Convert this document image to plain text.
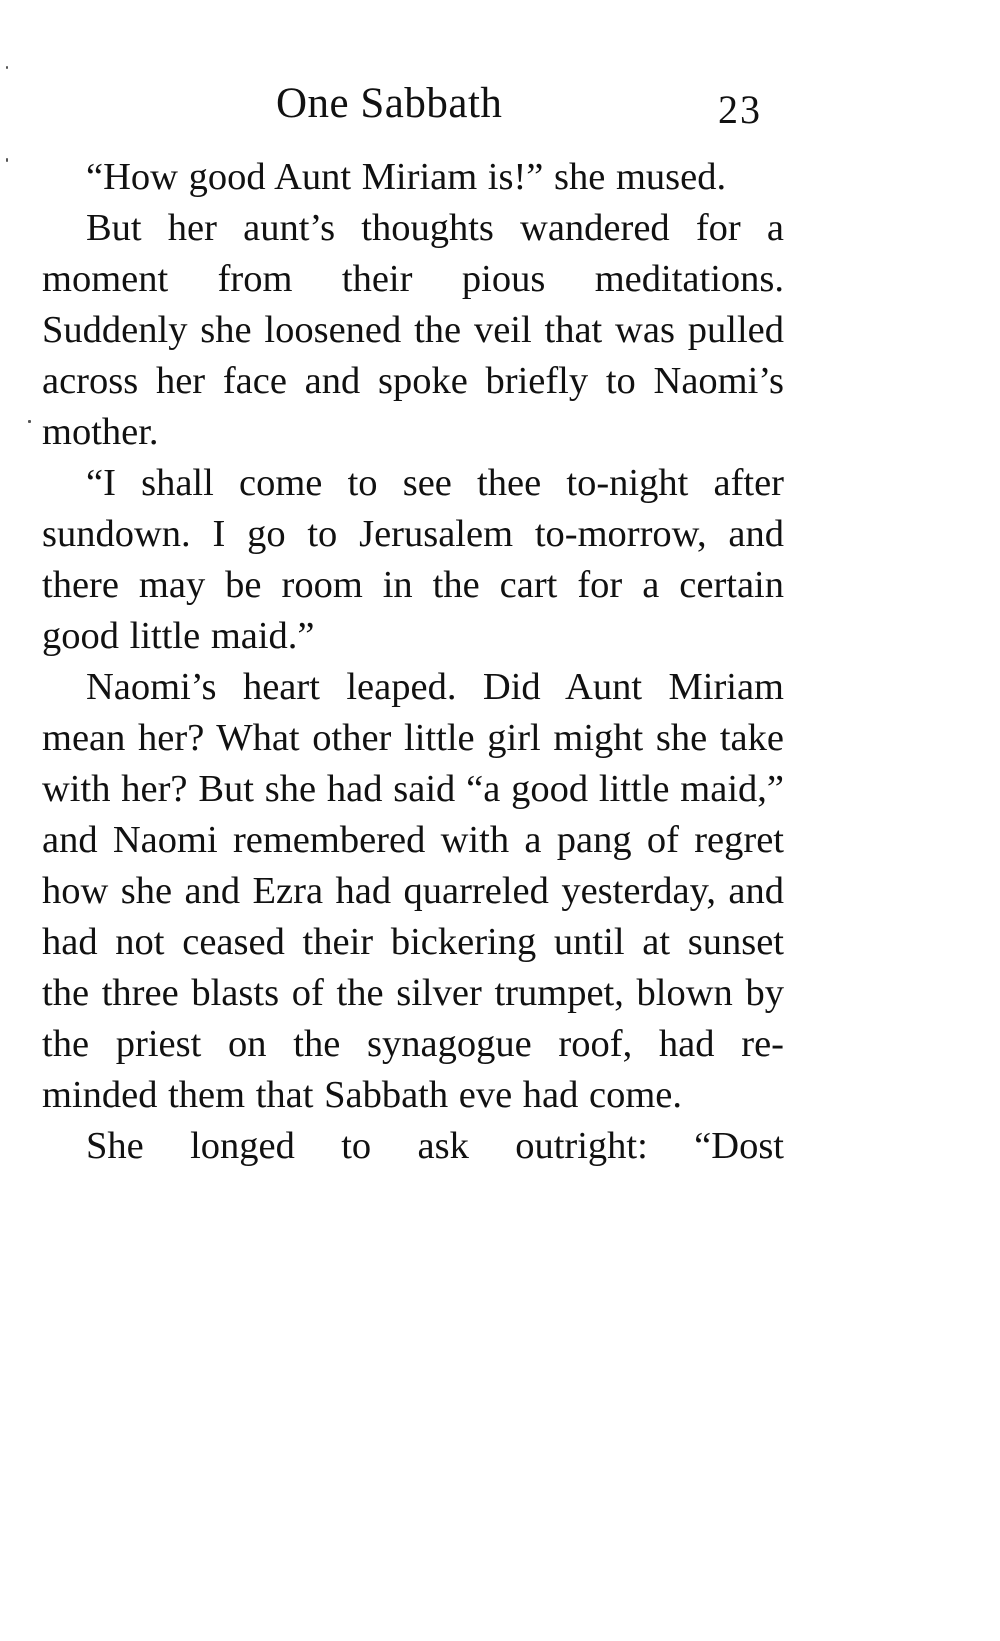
One Sabbath	23

“How good Aunt Miriam is!” she mused.

But her aunt’s thoughts wandered for a moment from their pious meditations. Suddenly she loosened the veil that was pulled across her face and spoke briefly to Naomi’s mother.

“I shall come to see thee to-night after sundown. I go to Jerusalem to-morrow, and there may be room in the cart for a certain good little maid.”

Naomi’s heart leaped. Did Aunt Miriam mean her? What other little girl might she take with her? But she had said “a good little maid,” and Naomi remembered with a pang of regret how she and Ezra had quarreled yesterday, and had not ceased their bickering until at sunset the three blasts of the silver trumpet, blown by the priest on the synagogue roof, had re- minded them that Sabbath eve had come.

She longed to ask outright: “Dost
